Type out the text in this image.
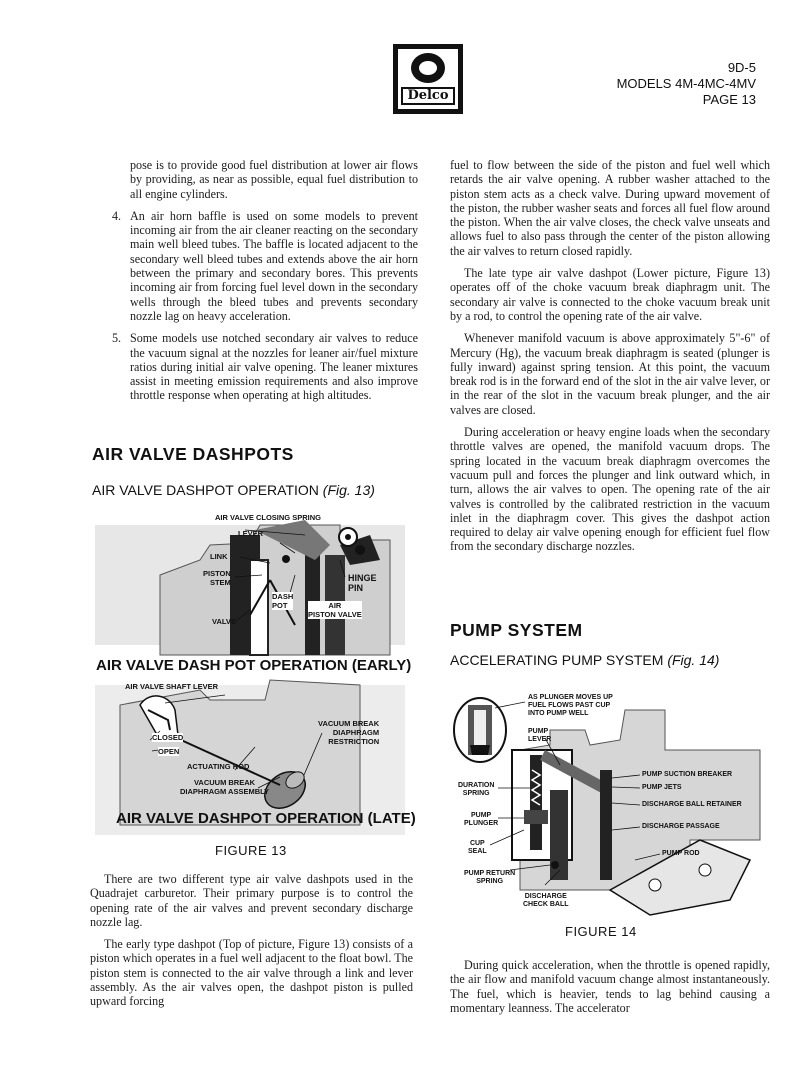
Delco
9D-5
MODELS 4M-4MC-4MV
PAGE 13

pose is to provide good fuel distribution at lower air flows by providing, as near as possible, equal fuel distribution to all engine cylinders.

4. An air horn baffle is used on some models to prevent incoming air from the air cleaner reacting on the secondary main well bleed tubes. The baffle is located adjacent to the secondary well bleed tubes and extends above the air horn between the primary and secondary bores. This prevents incoming air from forcing fuel level down in the secondary wells through the bleed tubes and prevents secondary nozzle lag on heavy acceleration.
5. Some models use notched secondary air valves to reduce the vacuum signal at the nozzles for leaner air/fuel mixture ratios during initial air valve opening. The leaner mixtures assist in meeting emission requirements and also improve throttle response when operating at high altitudes.
AIR VALVE DASHPOTS
AIR VALVE DASHPOT OPERATION (Fig. 13)
AIR VALVE CLOSING SPRING
LEVER
LINK
PISTON
STEM
DASH
POT	AIR
PISTON VALVE
VALVE
HINGE
PIN
AIR VALVE DASH POT OPERATION (EARLY)
AIR VALVE SHAFT LEVER
CLOSED
OPEN
VACUUM BREAK
DIAPHRAGM
RESTRICTION
ACTUATING ROD
VACUUM BREAK
DIAPHRAGM ASSEMBLY
AIR VALVE DASHPOT OPERATION (LATE)
FIGURE 13

There are two different type air valve dashpots used in the Quadrajet carburetor. Their primary purpose is to control the opening rate of the air valves and prevent secondary discharge nozzle lag.

The early type dashpot (Top of picture, Figure 13) consists of a piston which operates in a fuel well adjacent to the float bowl. The piston stem is connected to the air valve through a link and lever assembly. As the air valves open, the dashpot piston is pulled upward forcing

fuel to flow between the side of the piston and fuel well which retards the air valve opening. A rubber washer attached to the piston stem acts as a check valve. During upward movement of the piston, the rubber washer seats and forces all fuel flow around the piston. When the air valve closes, the check valve unseats and allows fuel to also pass through the center of the piston allowing the air valves to return closed rapidly.

The late type air valve dashpot (Lower picture, Figure 13) operates off of the choke vacuum break diaphragm unit. The secondary air valve is connected to the choke vacuum break unit by a rod, to control the opening rate of the air valve.

Whenever manifold vacuum is above approximately 5"-6" of Mercury (Hg), the vacuum break diaphragm is seated (plunger is fully inward) against spring tension. At this point, the vacuum break rod is in the forward end of the slot in the air valve lever, or in the rear of the slot in the vacuum break plunger, and the air valves are closed.

During acceleration or heavy engine loads when the secondary throttle valves are opened, the manifold vacuum drops. The spring located in the vacuum break diaphragm overcomes the vacuum pull and forces the plunger and link outward which, in turn, allows the air valves to open. The opening rate of the air valves is controlled by the calibrated restriction in the vacuum inlet in the diaphragm cover. This gives the dashpot action required to delay air valve opening enough for efficient fuel flow from the secondary discharge nozzles.

PUMP SYSTEM
ACCELERATING PUMP SYSTEM (Fig. 14)
AS PLUNGER MOVES UP
FUEL FLOWS PAST CUP
INTO PUMP WELL
PUMP
LEVER
PUMP SUCTION BREAKER
DURATION
SPRING
PUMP JETS
DISCHARGE BALL RETAINER
PUMP
PLUNGER	DISCHARGE PASSAGE
CUP
SEAL	PUMP ROD
PUMP RETURN
SPRING
DISCHARGE
CHECK BALL
FIGURE 14

During quick acceleration, when the throttle is opened rapidly, the air flow and manifold vacuum change almost instantaneously. The fuel, which is heavier, tends to lag behind causing a momentary leanness. The accelerator
